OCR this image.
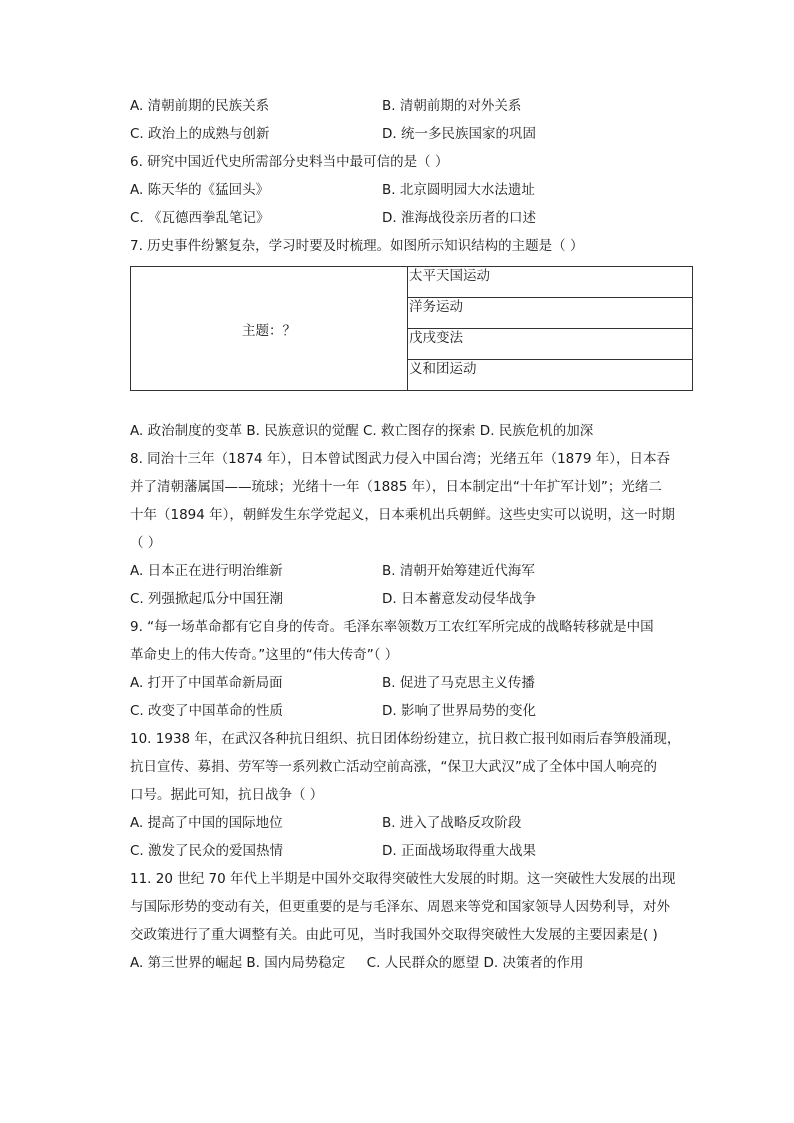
A. 清朝前期的民族关系	B. 清朝前期的对外关系
C. 政治上的成熟与创新	D. 统一多民族国家的巩固
6. 研究中国近代史所需部分史料当中最可信的是（ ）
A. 陈天华的《猛回头》	B. 北京圆明园大水法遗址
C. 《瓦德西拳乱笔记》	D. 淮海战役亲历者的口述
7. 历史事件纷繁复杂，学习时要及时梳理。如图所示知识结构的主题是（ ）
主题：？	太平天国运动
洋务运动
戊戌变法
义和团运动
A. 政治制度的变革 B. 民族意识的觉醒 C. 救亡图存的探索 D. 民族危机的加深
8. 同治十三年（1874 年），日本曾试图武力侵入中国台湾；光绪五年（1879 年），日本吞
并了清朝藩属国——琉球；光绪十一年（1885 年），日本制定出“十年扩军计划”；光绪二
十年（1894 年），朝鲜发生东学党起义，日本乘机出兵朝鲜。这些史实可以说明，这一时期
（ ）
A. 日本正在进行明治维新	B. 清朝开始筹建近代海军
C. 列强掀起瓜分中国狂潮	D. 日本蓄意发动侵华战争
9. “每一场革命都有它自身的传奇。毛泽东率领数万工农红军所完成的战略转移就是中国
革命史上的伟大传奇。”这里的“伟大传奇”（ ）
A. 打开了中国革命新局面	B. 促进了马克思主义传播
C. 改变了中国革命的性质	D. 影响了世界局势的变化
10. 1938 年，在武汉各种抗日组织、抗日团体纷纷建立，抗日救亡报刊如雨后春笋般涌现，
抗日宣传、募捐、劳军等一系列救亡活动空前高涨，“保卫大武汉”成了全体中国人响亮的
口号。据此可知，抗日战争（ ）
A. 提高了中国的国际地位	B. 进入了战略反攻阶段
C. 激发了民众的爱国热情	D. 正面战场取得重大战果
11. 20 世纪 70 年代上半期是中国外交取得突破性大发展的时期。这一突破性大发展的出现
与国际形势的变动有关，但更重要的是与毛泽东、周恩来等党和国家领导人因势利导，对外
交政策进行了重大调整有关。由此可见，当时我国外交取得突破性大发展的主要因素是( )
A. 第三世界的崛起 B. 国内局势稳定     C. 人民群众的愿望 D. 决策者的作用
